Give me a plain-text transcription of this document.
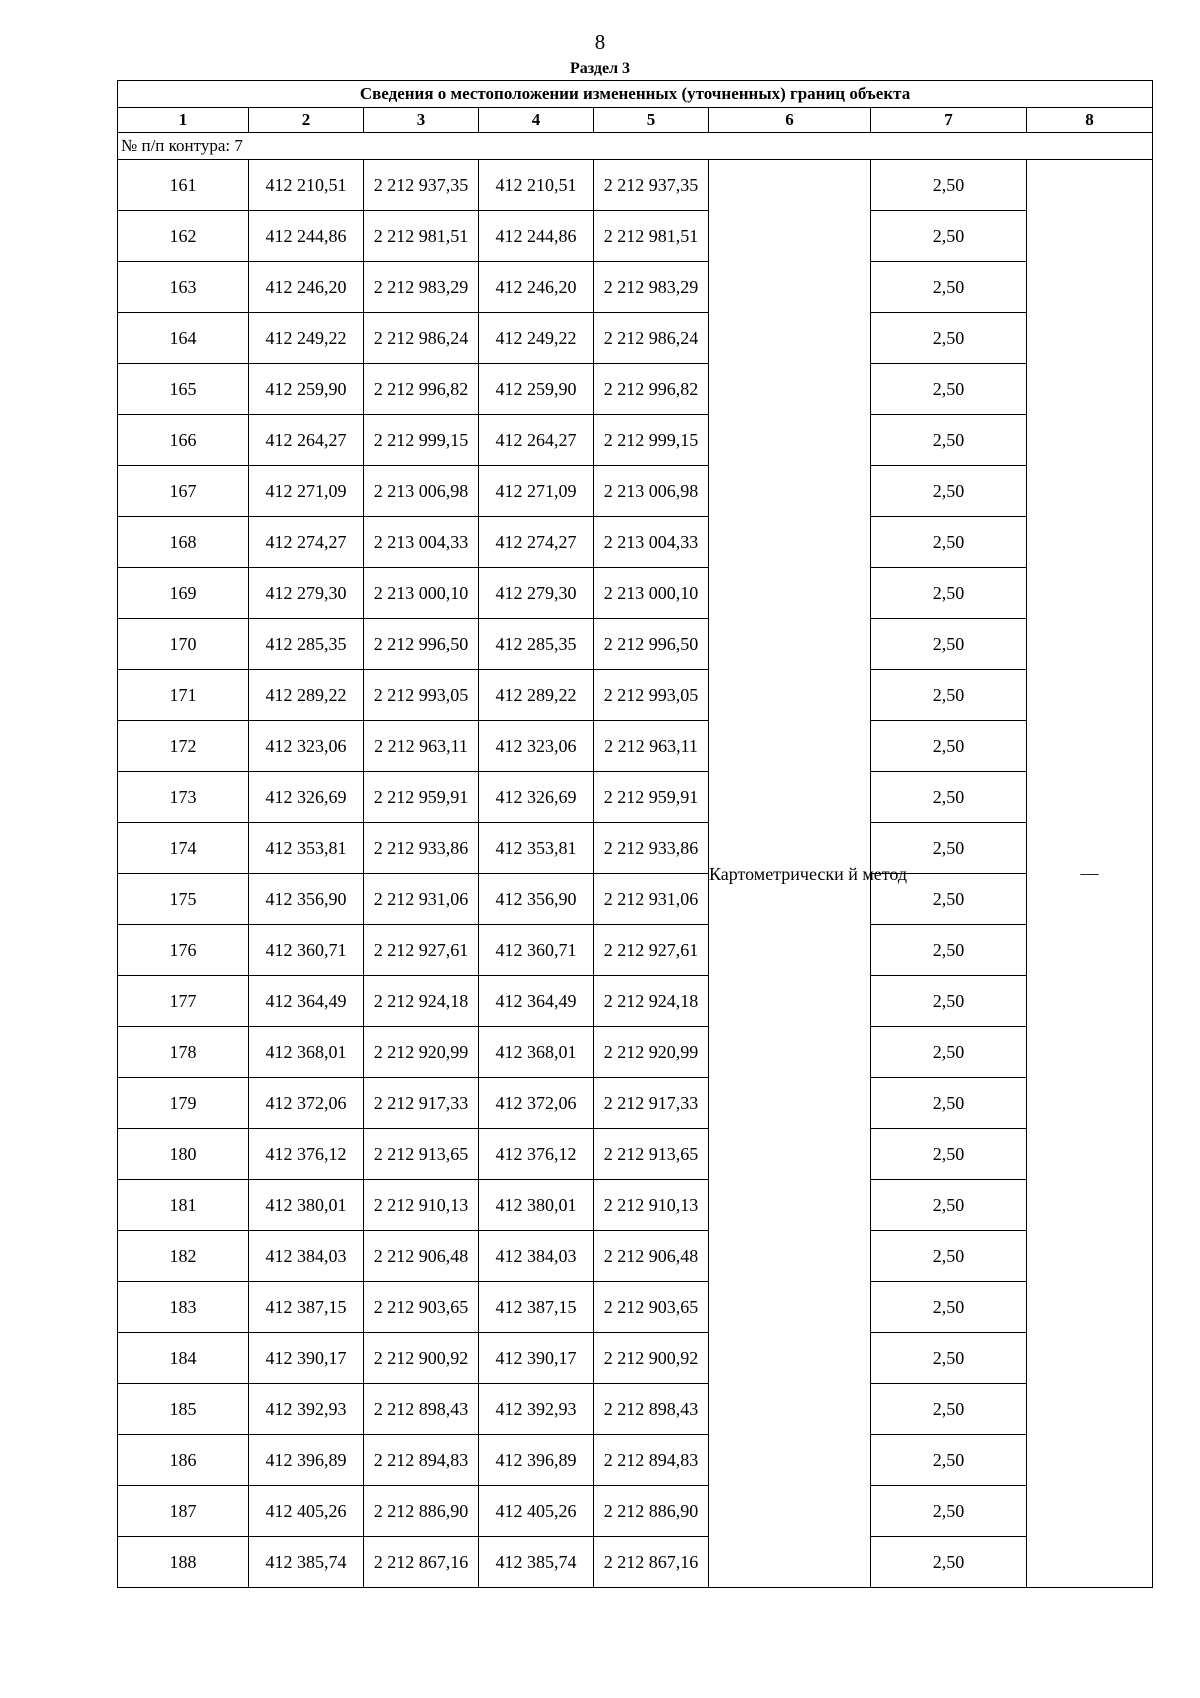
8
Раздел 3
Сведения о местоположении измененных (уточненных) границ объекта							
1	2	3	4	5	6	7	8
№ п/п контура: 7							
161	412 210,51	2 212 937,35	412 210,51	2 212 937,35	Картометрически й метод	2,50	—
162	412 244,86	2 212 981,51	412 244,86	2 212 981,51		2,50	
163	412 246,20	2 212 983,29	412 246,20	2 212 983,29		2,50	
164	412 249,22	2 212 986,24	412 249,22	2 212 986,24		2,50	
165	412 259,90	2 212 996,82	412 259,90	2 212 996,82		2,50	
166	412 264,27	2 212 999,15	412 264,27	2 212 999,15		2,50	
167	412 271,09	2 213 006,98	412 271,09	2 213 006,98		2,50	
168	412 274,27	2 213 004,33	412 274,27	2 213 004,33		2,50	
169	412 279,30	2 213 000,10	412 279,30	2 213 000,10		2,50	
170	412 285,35	2 212 996,50	412 285,35	2 212 996,50		2,50	
171	412 289,22	2 212 993,05	412 289,22	2 212 993,05		2,50	
172	412 323,06	2 212 963,11	412 323,06	2 212 963,11		2,50	
173	412 326,69	2 212 959,91	412 326,69	2 212 959,91		2,50	
174	412 353,81	2 212 933,86	412 353,81	2 212 933,86		2,50	
175	412 356,90	2 212 931,06	412 356,90	2 212 931,06		2,50	
176	412 360,71	2 212 927,61	412 360,71	2 212 927,61		2,50	
177	412 364,49	2 212 924,18	412 364,49	2 212 924,18		2,50	
178	412 368,01	2 212 920,99	412 368,01	2 212 920,99		2,50	
179	412 372,06	2 212 917,33	412 372,06	2 212 917,33		2,50	
180	412 376,12	2 212 913,65	412 376,12	2 212 913,65		2,50	
181	412 380,01	2 212 910,13	412 380,01	2 212 910,13		2,50	
182	412 384,03	2 212 906,48	412 384,03	2 212 906,48		2,50	
183	412 387,15	2 212 903,65	412 387,15	2 212 903,65		2,50	
184	412 390,17	2 212 900,92	412 390,17	2 212 900,92		2,50	
185	412 392,93	2 212 898,43	412 392,93	2 212 898,43		2,50	
186	412 396,89	2 212 894,83	412 396,89	2 212 894,83		2,50	
187	412 405,26	2 212 886,90	412 405,26	2 212 886,90		2,50	
188	412 385,74	2 212 867,16	412 385,74	2 212 867,16		2,50	
